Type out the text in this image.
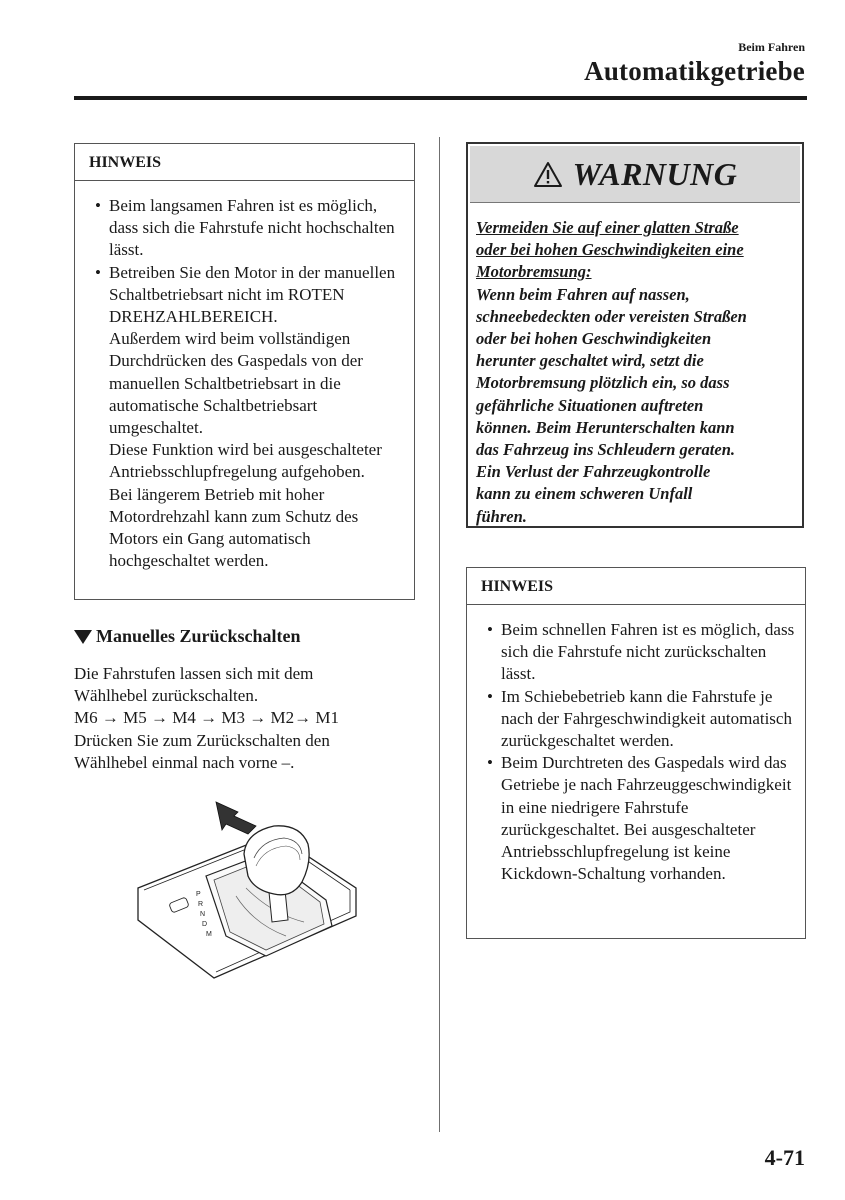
Beim Fahren
Automatikgetriebe
HINWEIS
• Beim langsamen Fahren ist es möglich, dass sich die Fahrstufe nicht hochschalten lässt.
• Betreiben Sie den Motor in der manuellen Schaltbetriebsart nicht im ROTEN DREHZAHLBEREICH.
Außerdem wird beim vollständigen Durchdrücken des Gaspedals von der manuellen Schaltbetriebsart in die automatische Schaltbetriebsart umgeschaltet.
Diese Funktion wird bei ausgeschalteter Antriebsschlupfregelung aufgehoben.
Bei längerem Betrieb mit hoher Motordrehzahl kann zum Schutz des Motors ein Gang automatisch hochgeschaltet werden.
Manuelles Zurückschalten
Die Fahrstufen lassen sich mit dem
Wählhebel zurückschalten.
M6 → M5 → M4 → M3 → M2→ M1
Drücken Sie zum Zurückschalten den
Wählhebel einmal nach vorne –.
P
R
N
D
M
WARNUNG
Vermeiden Sie auf einer glatten Straße
oder bei hohen Geschwindigkeiten eine
Motorbremsung:
Wenn beim Fahren auf nassen,
schneebedeckten oder vereisten Straßen
oder bei hohen Geschwindigkeiten
herunter geschaltet wird, setzt die
Motorbremsung plötzlich ein, so dass
gefährliche Situationen auftreten
können. Beim Herunterschalten kann
das Fahrzeug ins Schleudern geraten.
Ein Verlust der Fahrzeugkontrolle
kann zu einem schweren Unfall
führen.
HINWEIS
• Beim schnellen Fahren ist es möglich, dass sich die Fahrstufe nicht zurückschalten lässt.
• Im Schiebebetrieb kann die Fahrstufe je nach der Fahrgeschwindigkeit automatisch zurückgeschaltet werden.
• Beim Durchtreten des Gaspedals wird das Getriebe je nach Fahrzeuggeschwindigkeit in eine niedrigere Fahrstufe zurückgeschaltet. Bei ausgeschalteter Antriebsschlupfregelung ist keine Kickdown-Schaltung vorhanden.
4-71
